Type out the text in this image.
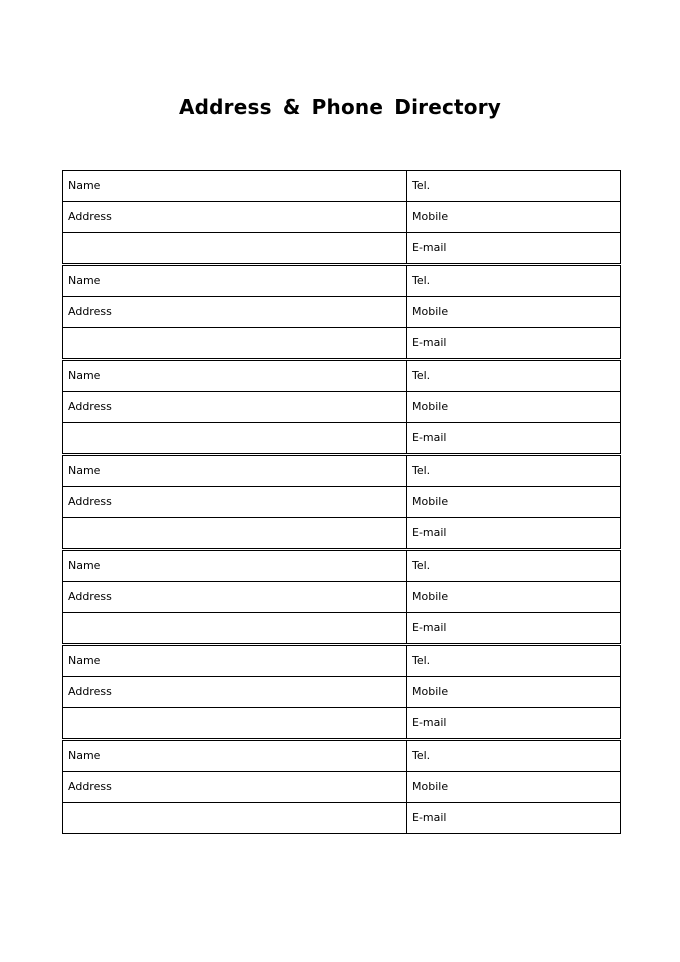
Address & Phone Directory
Name	Tel.
Address	Mobile
	E-mail
Name	Tel.
Address	Mobile
	E-mail
Name	Tel.
Address	Mobile
	E-mail
Name	Tel.
Address	Mobile
	E-mail
Name	Tel.
Address	Mobile
	E-mail
Name	Tel.
Address	Mobile
	E-mail
Name	Tel.
Address	Mobile
	E-mail
